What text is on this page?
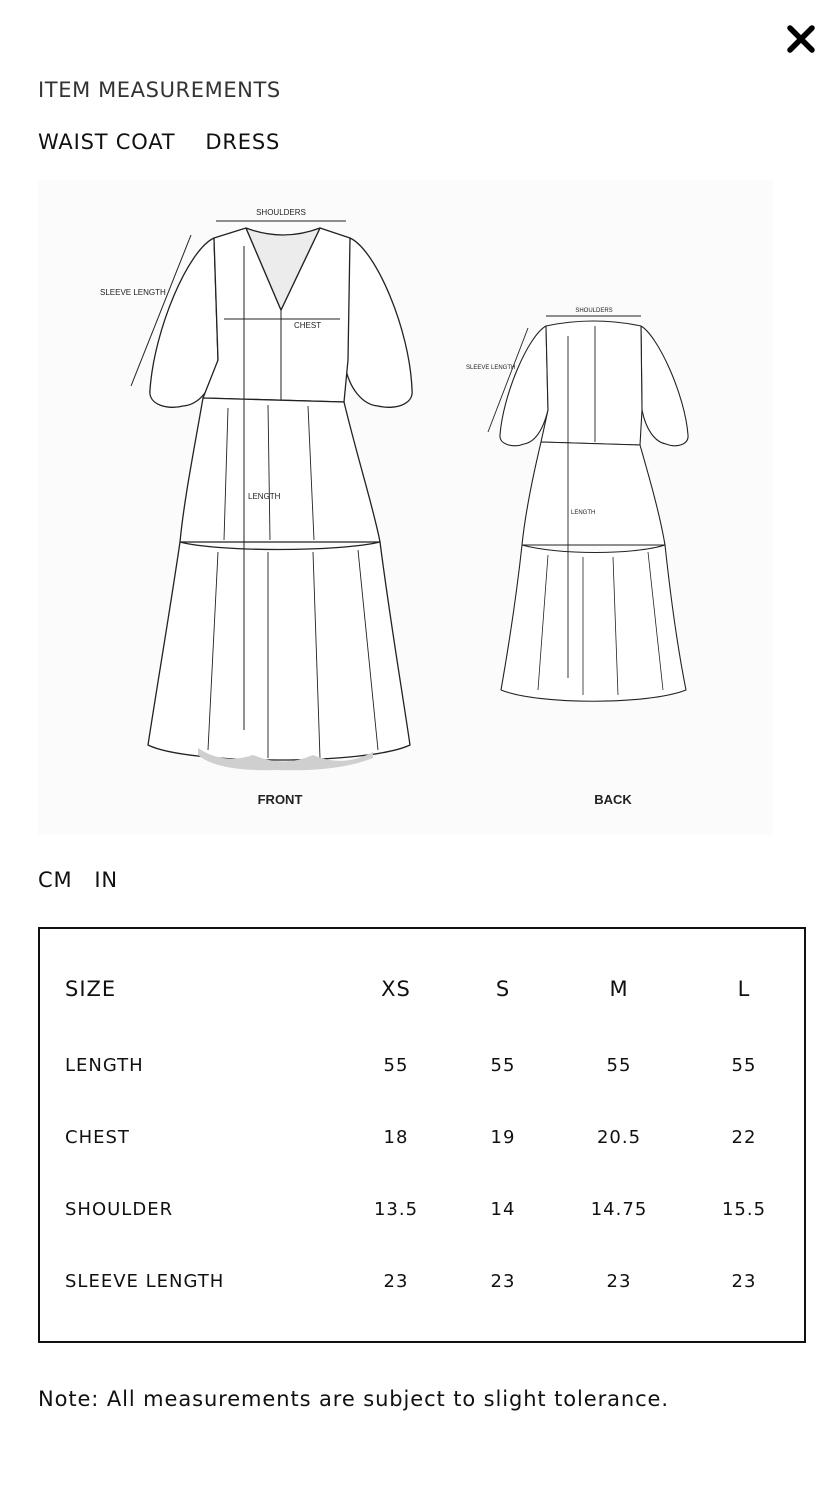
ITEM MEASUREMENTS
WAIST COAT DRESS
SHOULDERS
SLEEVE LENGTH
CHEST
LENGTH
FRONT
SHOULDERS
SLEEVE LENGTH
LENGTH
BACK
CM IN
SIZE	XS	S	M	L
LENGTH	55	55	55	55
CHEST	18	19	20.5	22
SHOULDER	13.5	14	14.75	15.5
SLEEVE LENGTH	23	23	23	23
Note: All measurements are subject to slight tolerance.
